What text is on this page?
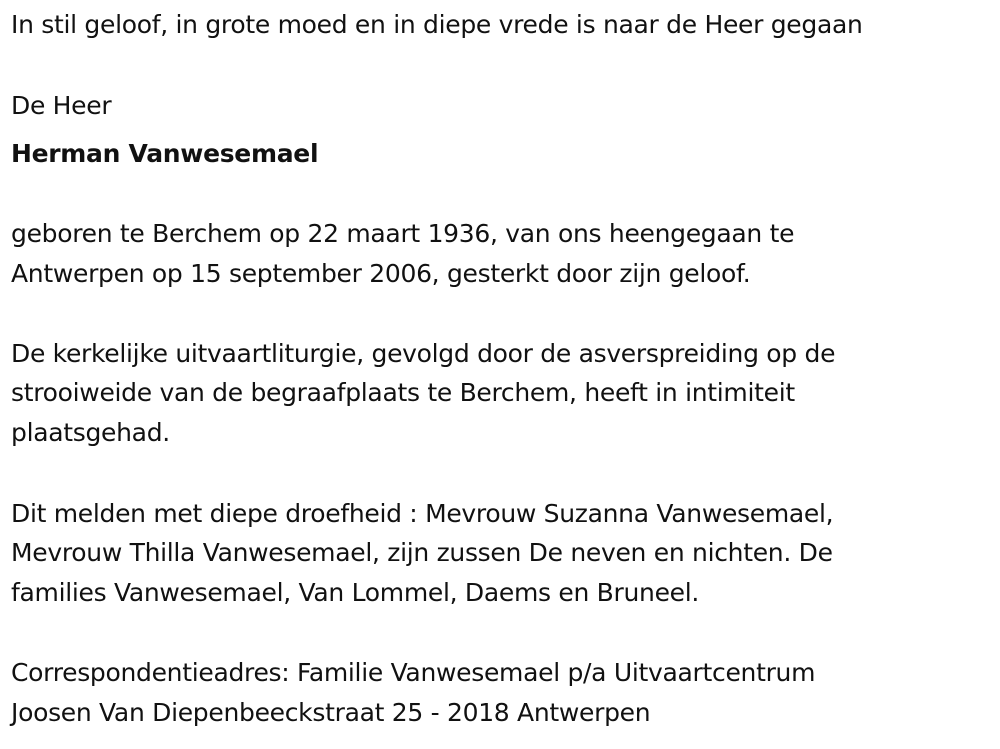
In stil geloof, in grote moed en in diepe vrede is naar de Heer gegaan
De Heer
Herman Vanwesemael
geboren te Berchem op 22 maart 1936, van ons heengegaan te
Antwerpen op 15 september 2006, gesterkt door zijn geloof.
De kerkelijke uitvaartliturgie, gevolgd door de asverspreiding op de
strooiweide van de begraafplaats te Berchem, heeft in intimiteit
plaatsgehad.
Dit melden met diepe droefheid : Mevrouw Suzanna Vanwesemael,
Mevrouw Thilla Vanwesemael, zijn zussen De neven en nichten. De
families Vanwesemael, Van Lommel, Daems en Bruneel.
Correspondentieadres: Familie Vanwesemael p/a Uitvaartcentrum
Joosen Van Diepenbeeckstraat 25 - 2018 Antwerpen
